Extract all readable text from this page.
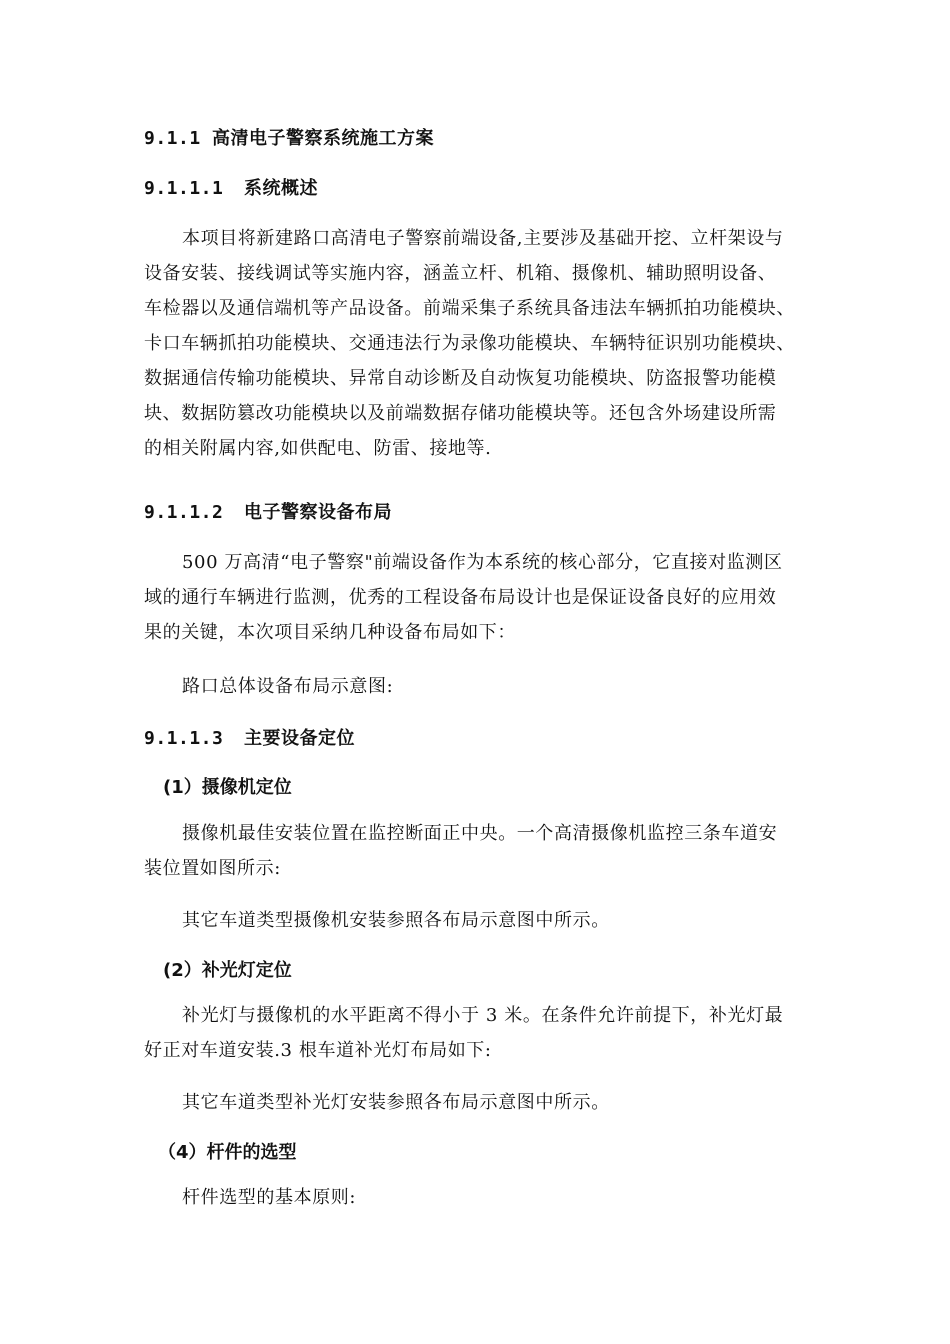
9.1.1 高清电子警察系统施工方案
9.1.1.1 系统概述
本项目将新建路口高清电子警察前端设备,主要涉及基础开挖、立杆架设与
设备安装、接线调试等实施内容，涵盖立杆、机箱、摄像机、辅助照明设备、
车检器以及通信端机等产品设备。前端采集子系统具备违法车辆抓拍功能模块、
卡口车辆抓拍功能模块、交通违法行为录像功能模块、车辆特征识别功能模块、
数据通信传输功能模块、异常自动诊断及自动恢复功能模块、防盗报警功能模
块、数据防篡改功能模块以及前端数据存储功能模块等。还包含外场建设所需
的相关附属内容,如供配电、防雷、接地等.
9.1.1.2 电子警察设备布局
500 万高清“电子警察"前端设备作为本系统的核心部分，它直接对监测区
域的通行车辆进行监测，优秀的工程设备布局设计也是保证设备良好的应用效
果的关键，本次项目采纳几种设备布局如下：
路口总体设备布局示意图:
9.1.1.3 主要设备定位
(1）摄像机定位
摄像机最佳安装位置在监控断面正中央。一个高清摄像机监控三条车道安
装位置如图所示:
其它车道类型摄像机安装参照各布局示意图中所示。
(2）补光灯定位
补光灯与摄像机的水平距离不得小于 3 米。在条件允许前提下，补光灯最
好正对车道安装.3 根车道补光灯布局如下:
其它车道类型补光灯安装参照各布局示意图中所示。
（4）杆件的选型
杆件选型的基本原则:
